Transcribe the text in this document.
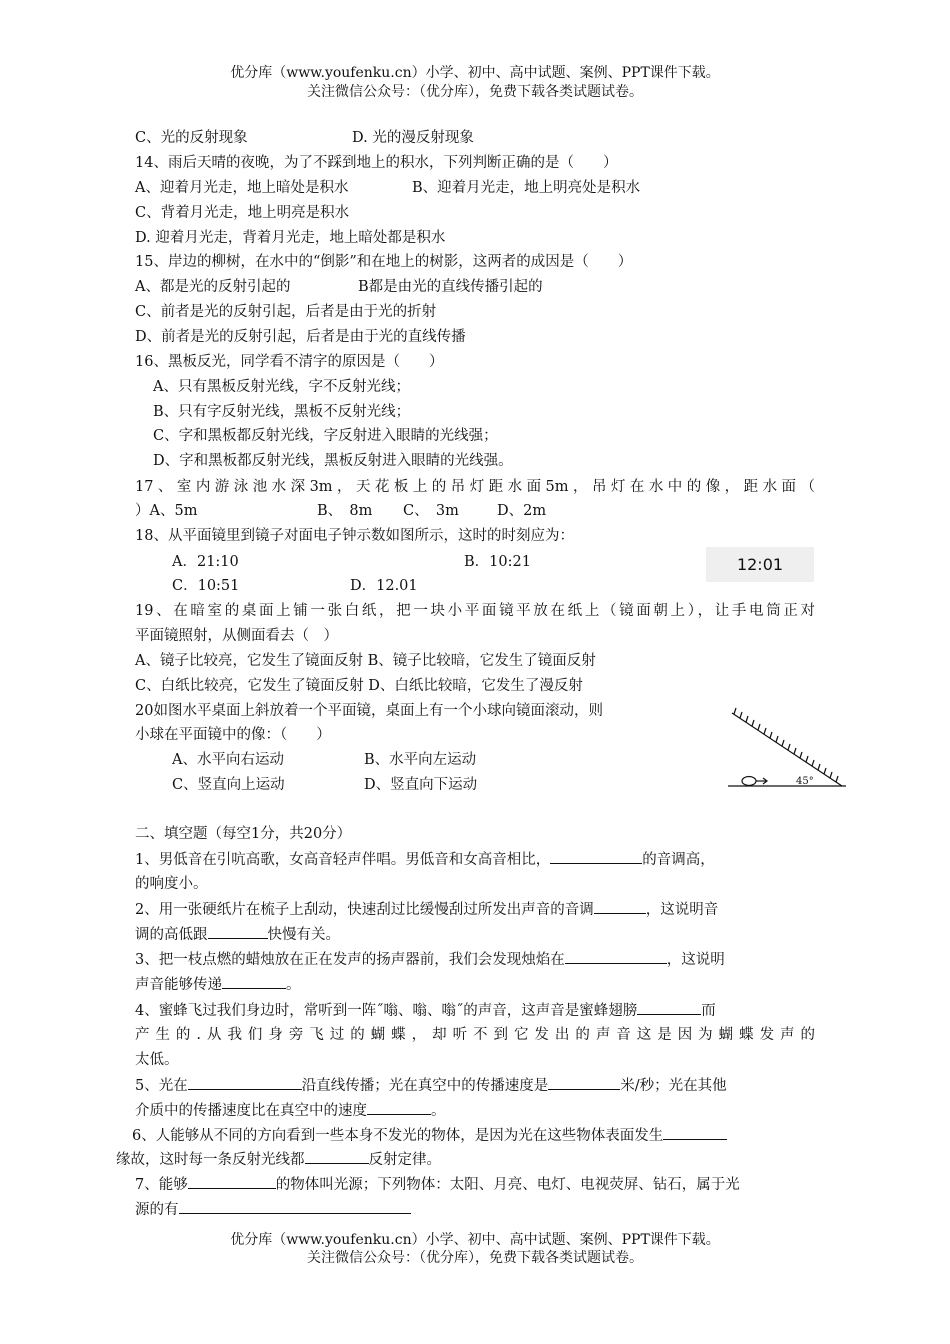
优分库（www.youfenku.cn）小学、初中、高中试题、案例、PPT课件下载。
关注微信公众号：（优分库），免费下载各类试题试卷。
C、光的反射现象	D. 光的漫反射现象
14、雨后天晴的夜晚，为了不踩到地上的积水，下列判断正确的是（　　）
A、迎着月光走，地上暗处是积水	B、迎着月光走，地上明亮处是积水
C、背着月光走，地上明亮是积水
D. 迎着月光走，背着月光走，地上暗处都是积水
15、岸边的柳树，在水中的“倒影”和在地上的树影，这两者的成因是（　　）
A、都是光的反射引起的	B都是由光的直线传播引起的
C、前者是光的反射引起，后者是由于光的折射
D、前者是光的反射引起，后者是由于光的直线传播
16、黑板反光，同学看不清字的原因是（　　）
A、只有黑板反射光线，字不反射光线；
B、只有字反射光线，黑板不反射光线；
C、字和黑板都反射光线，字反射进入眼睛的光线强；
D、字和黑板都反射光线，黑板反射进入眼睛的光线强。
17、室内游泳池水深3m，天花板上的吊灯距水面5m，吊灯在水中的像，距水面（
）A、5m	B、　8m C、　3m	D、2m
18、从平面镜里到镜子对面电子钟示数如图所示，这时的时刻应为：
A．21:10	B．10:21	12:01
C．10:51	D．12.01
19、在暗室的桌面上铺一张白纸，把一块小平面镜平放在纸上（镜面朝上），让手电筒正对
平面镜照射，从侧面看去（　）
A、镜子比较亮，它发生了镜面反射 B、镜子比较暗，它发生了镜面反射
C、白纸比较亮，它发生了镜面反射 D、白纸比较暗，它发生了漫反射
20如图水平桌面上斜放着一个平面镜，桌面上有一个小球向镜面滚动，则
小球在平面镜中的像：（　　）
A、水平向右运动	B、水平向左运动
C、竖直向上运动	D、竖直向下运动	45°
二、填空题（每空1分，共20分）
1、男低音在引吭高歌，女高音轻声伴唱。男低音和女高音相比，	的音调高，
的响度小。
2、用一张硬纸片在梳子上刮动，快速刮过比缓慢刮过所发出声音的音调	，这说明音
调的高低跟	快慢有关。
3、把一枝点燃的蜡烛放在正在发声的扬声器前，我们会发现烛焰在	，这说明
声音能够传递	。
4、蜜蜂飞过我们身边时，常听到一阵˝嗡、嗡、嗡˝的声音，这声音是蜜蜂翅膀	而
产生的.从我们身旁飞过的蝴蝶，却听不到它发出的声音这是因为蝴蝶发声的
太低。
5、光在	沿直线传播；光在真空中的传播速度是	米/秒；光在其他
介质中的传播速度比在真空中的速度	。
6、人能够从不同的方向看到一些本身不发光的物体，是因为光在这些物体表面发生
缘故，这时每一条反射光线都	反射定律。
7、能够	的物体叫光源；下列物体：太阳、月亮、电灯、电视荧屏、钻石，属于光
源的有
优分库（www.youfenku.cn）小学、初中、高中试题、案例、PPT课件下载。
关注微信公众号：（优分库），免费下载各类试题试卷。
